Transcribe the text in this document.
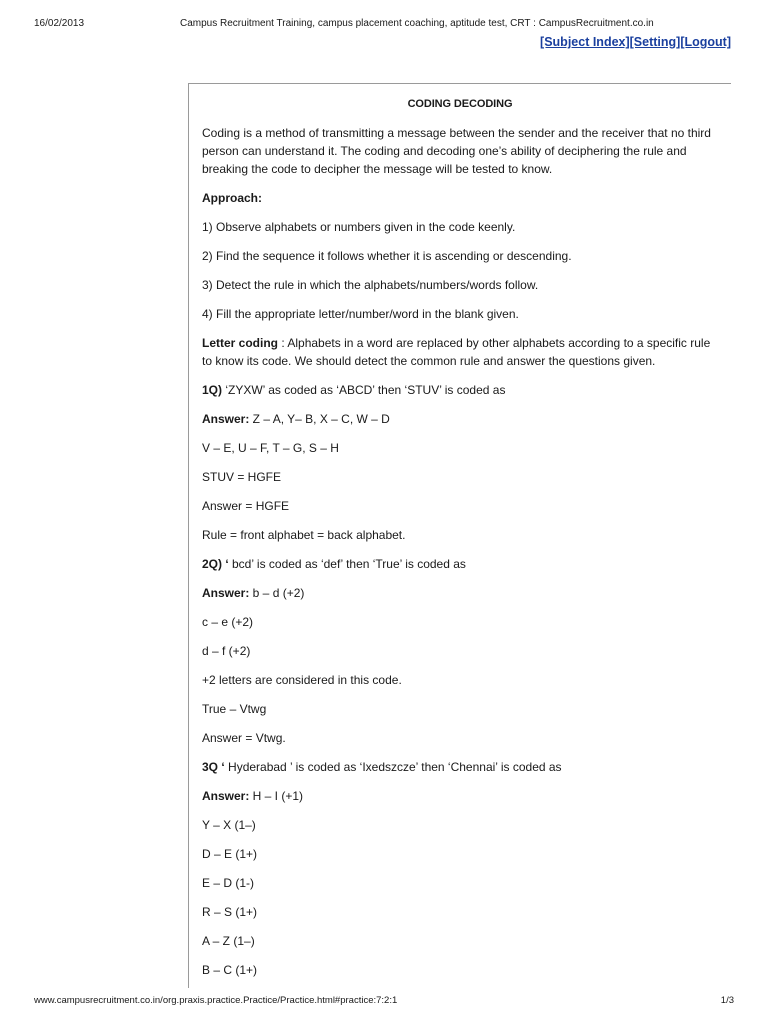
16/02/2013	Campus Recruitment Training, campus placement coaching, aptitude test, CRT : CampusRecruitment.co.in
[Subject Index][Setting][Logout]
CODING DECODING

Coding is a method of transmitting a message between the sender and the receiver that no third person can understand it. The coding and decoding one’s ability of deciphering the rule and breaking the code to decipher the message will be tested to know.

Approach:

1) Observe alphabets or numbers given in the code keenly.

2) Find the sequence it follows whether it is ascending or descending.

3) Detect the rule in which the alphabets/numbers/words follow.

4) Fill the appropriate letter/number/word in the blank given.

Letter coding : Alphabets in a word are replaced by other alphabets according to a specific rule to know its code. We should detect the common rule and answer the questions given.

1Q) ‘ZYXW’ as coded as ‘ABCD’ then ‘STUV’ is coded as

Answer: Z – A, Y– B, X – C, W – D

V – E, U – F, T – G, S – H

STUV = HGFE

Answer = HGFE

Rule = front alphabet = back alphabet.

2Q) ‘ bcd’ is coded as ‘def’ then ‘True’ is coded as

Answer: b – d (+2)

c – e (+2)

d – f (+2)

+2 letters are considered in this code.

True – Vtwg

Answer = Vtwg.

3Q ‘ Hyderabad ’ is coded as ‘Ixedszcze’ then ‘Chennai’ is coded as

Answer: H – I (+1)

Y – X (1–)

D – E (1+)

E – D (1-)

R – S (1+)

A – Z (1–)

B – C (1+)

www.campusrecruitment.co.in/org.praxis.practice.Practice/Practice.html#practice:7:2:1	1/3
